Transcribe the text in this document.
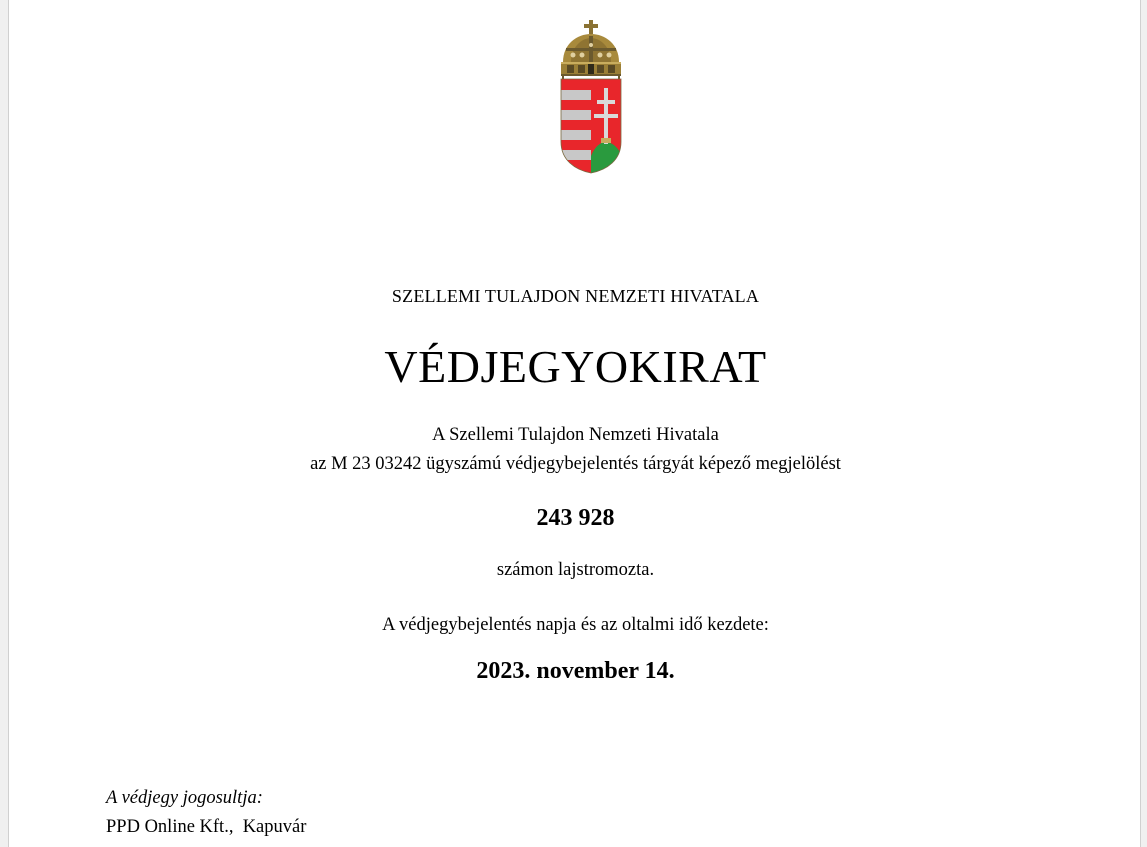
SZELLEMI TULAJDON NEMZETI HIVATALA
VÉDJEGYOKIRAT
A Szellemi Tulajdon Nemzeti Hivatala
az M 23 03242 ügyszámú védjegybejelentés tárgyát képező megjelölést
243 928
számon lajstromozta.
A védjegybejelentés napja és az oltalmi idő kezdete:
2023. november 14.
A védjegy jogosultja:
PPD Online Kft.,  Kapuvár
